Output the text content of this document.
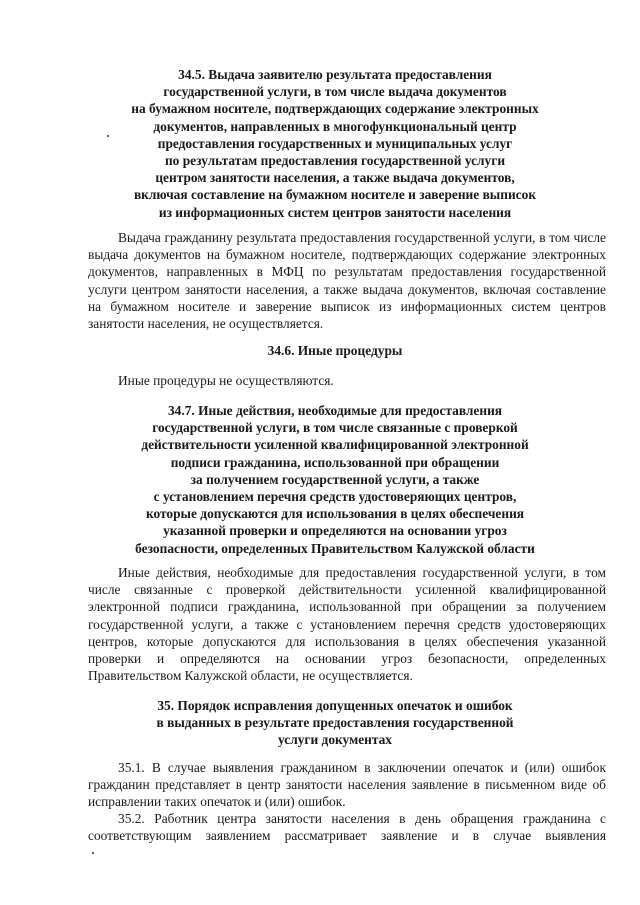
34.5. Выдача заявителю результата предоставления
государственной услуги, в том числе выдача документов
на бумажном носителе, подтверждающих содержание электронных
документов, направленных в многофункциональный центр
предоставления государственных и муниципальных услуг
по результатам предоставления государственной услуги
центром занятости населения, а также выдача документов,
включая составление на бумажном носителе и заверение выписок
из информационных систем центров занятости населения
Выдача гражданину результата предоставления государственной услуги, в том числе
выдача документов на бумажном носителе, подтверждающих содержание электронных
документов, направленных в МФЦ по результатам предоставления государственной
услуги центром занятости населения, а также выдача документов, включая составление
на бумажном носителе и заверение выписок из информационных систем центров
занятости населения, не осуществляется.
34.6. Иные процедуры
Иные процедуры не осуществляются.
34.7. Иные действия, необходимые для предоставления
государственной услуги, в том числе связанные с проверкой
действительности усиленной квалифицированной электронной
подписи гражданина, использованной при обращении
за получением государственной услуги, а также
с установлением перечня средств удостоверяющих центров,
которые допускаются для использования в целях обеспечения
указанной проверки и определяются на основании угроз
безопасности, определенных Правительством Калужской области
Иные действия, необходимые для предоставления государственной услуги, в том
числе связанные с проверкой действительности усиленной квалифицированной
электронной подписи гражданина, использованной при обращении за получением
государственной услуги, а также с установлением перечня средств удостоверяющих
центров, которые допускаются для использования в целях обеспечения указанной
проверки и определяются на основании угроз безопасности, определенных
Правительством Калужской области, не осуществляется.
35. Порядок исправления допущенных опечаток и ошибок
в выданных в результате предоставления государственной
услуги документах
35.1. В случае выявления гражданином в заключении опечаток и (или) ошибок
гражданин представляет в центр занятости населения заявление в письменном виде об
исправлении таких опечаток и (или) ошибок.
35.2. Работник центра занятости населения в день обращения гражданина с
соответствующим заявлением рассматривает заявление и в случае выявления
